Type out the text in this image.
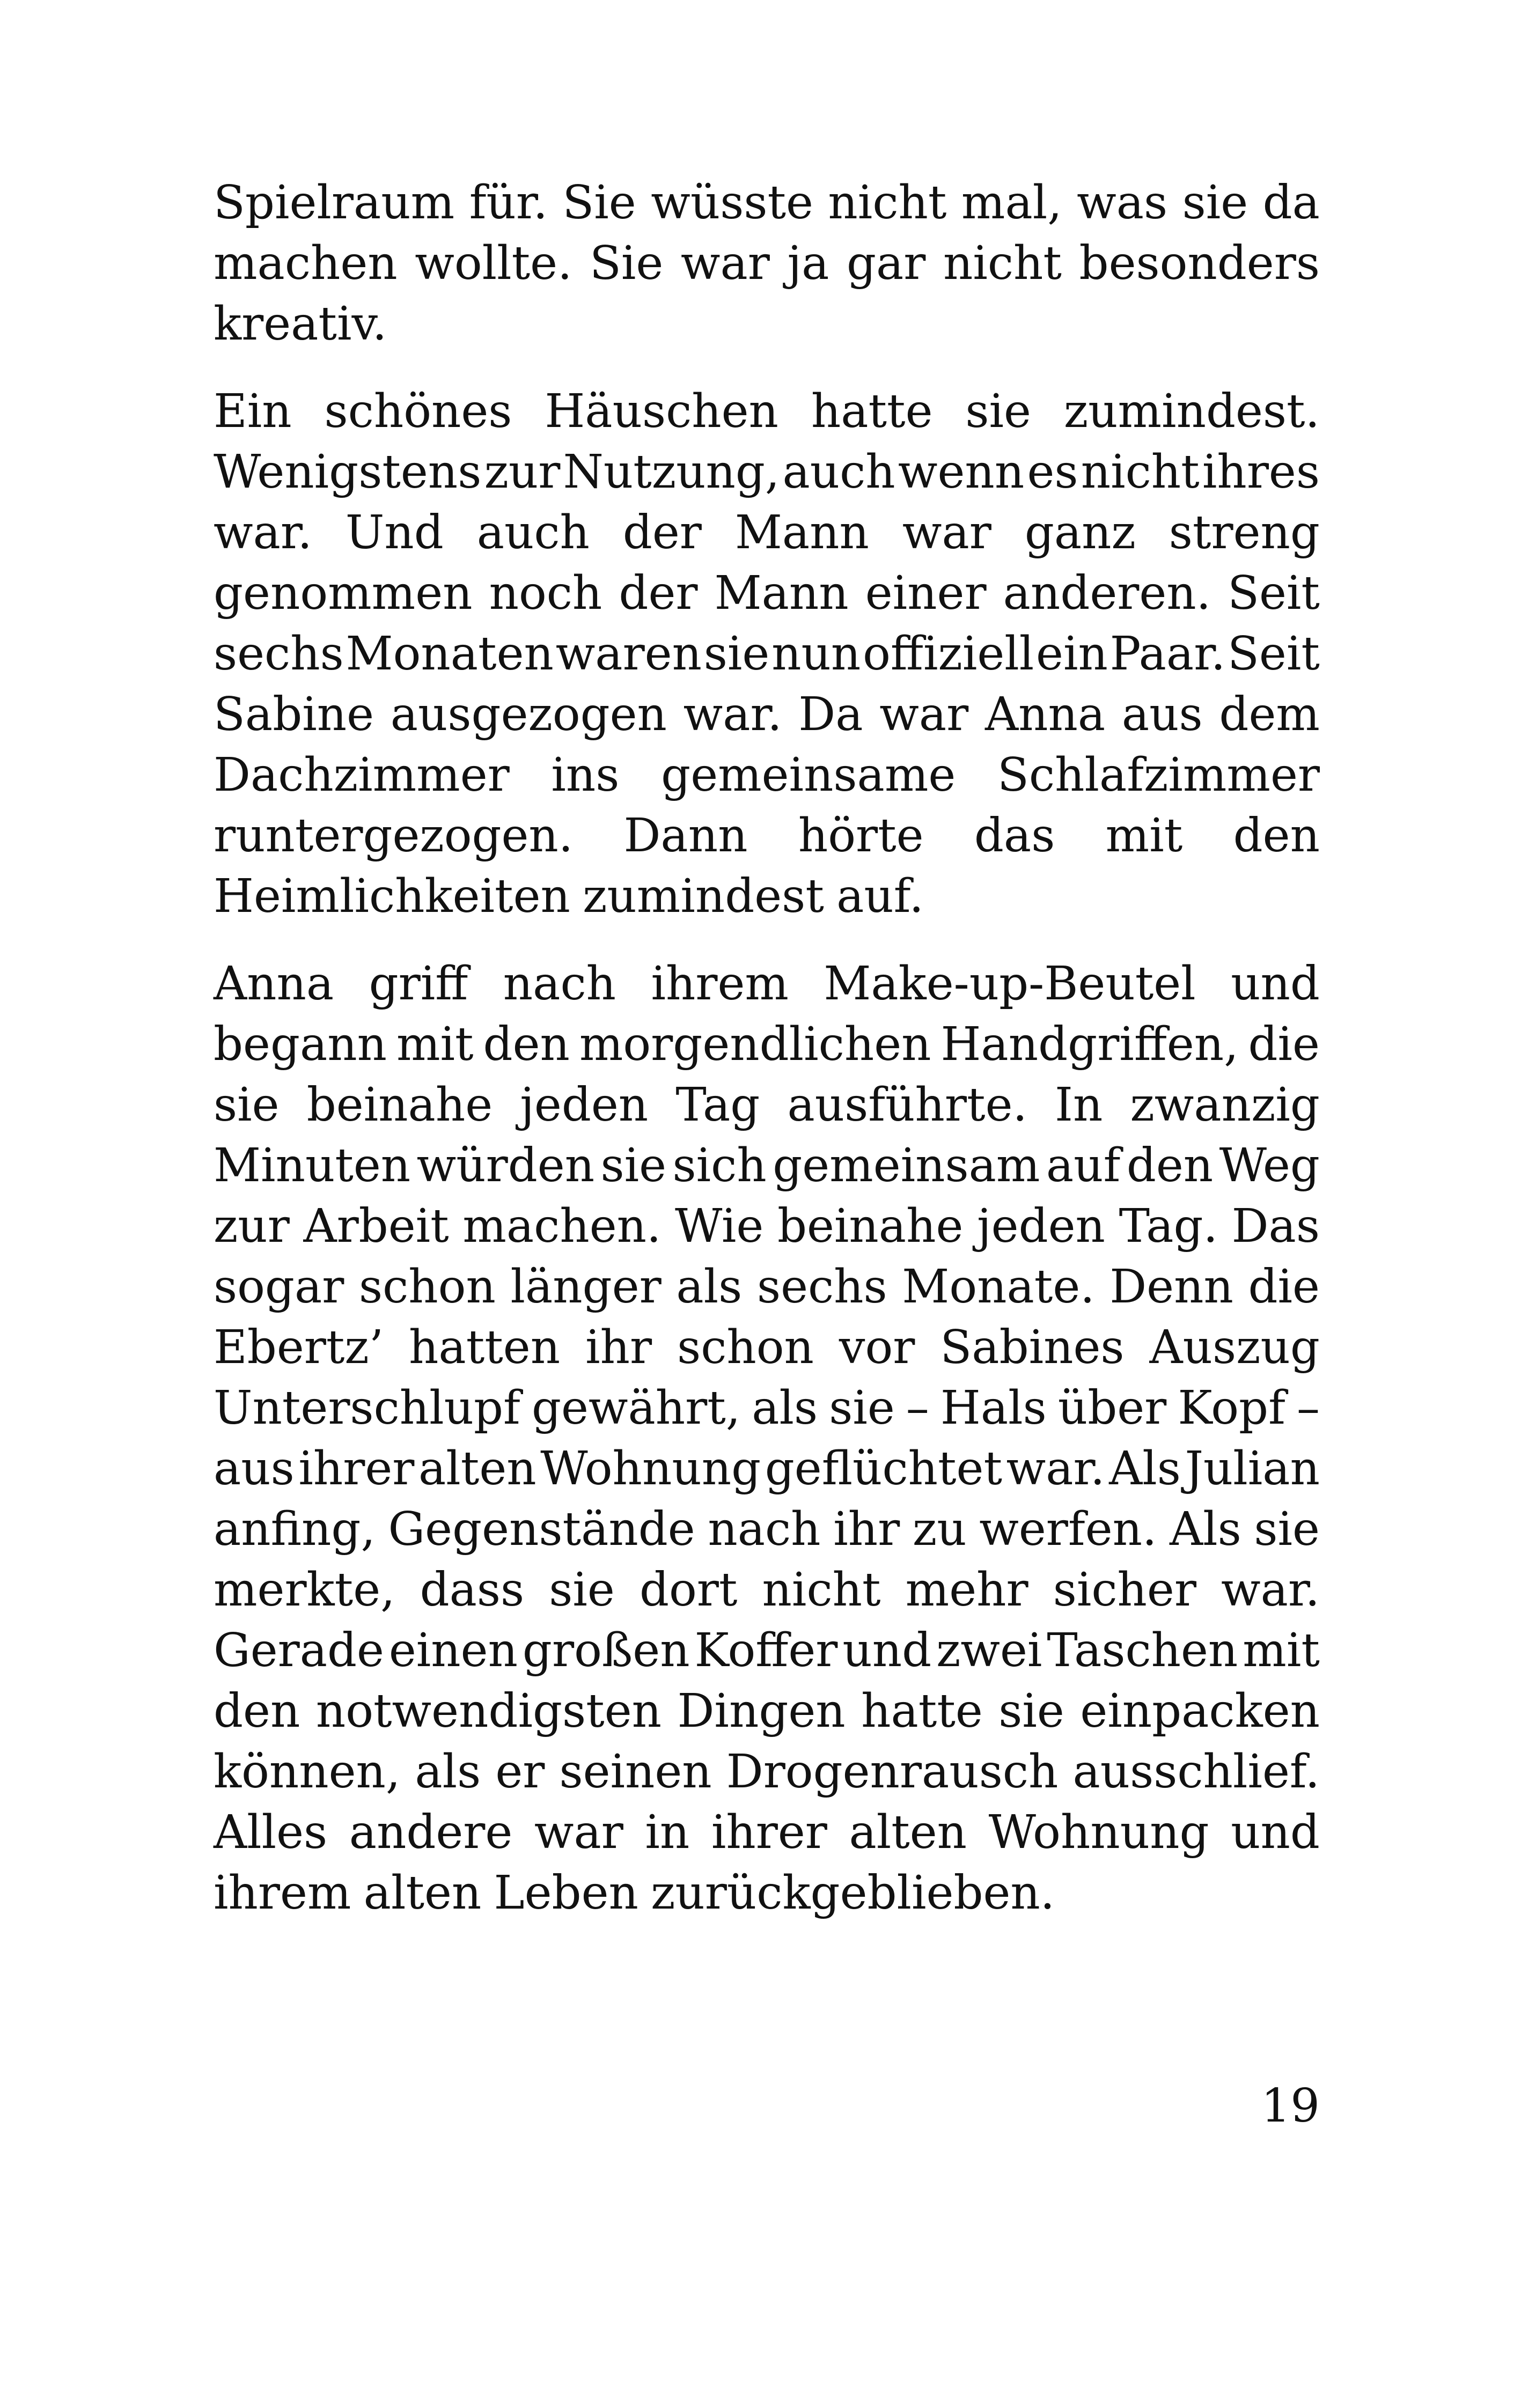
Spielraum für. Sie wüsste nicht mal, was sie da
machen wollte. Sie war ja gar nicht besonders
kreativ.
Ein schönes Häuschen hatte sie zumindest.
Wenigstens zur Nutzung, auch wenn es nicht ihres
war. Und auch der Mann war ganz streng
genommen noch der Mann einer anderen. Seit
sechs Monaten waren sie nun offiziell ein Paar. Seit
Sabine ausgezogen war. Da war Anna aus dem
Dachzimmer ins gemeinsame Schlafzimmer
runtergezogen. Dann hörte das mit den
Heimlichkeiten zumindest auf.
Anna griff nach ihrem Make-up-Beutel und
begann mit den morgendlichen Handgriffen, die
sie beinahe jeden Tag ausführte. In zwanzig
Minuten würden sie sich gemeinsam auf den Weg
zur Arbeit machen. Wie beinahe jeden Tag. Das
sogar schon länger als sechs Monate. Denn die
Ebertz’ hatten ihr schon vor Sabines Auszug
Unterschlupf gewährt, als sie – Hals über Kopf –
aus ihrer alten Wohnung geflüchtet war. Als Julian
anfing, Gegenstände nach ihr zu werfen. Als sie
merkte, dass sie dort nicht mehr sicher war.
Gerade einen großen Koffer und zwei Taschen mit
den notwendigsten Dingen hatte sie einpacken
können, als er seinen Drogenrausch ausschlief.
Alles andere war in ihrer alten Wohnung und
ihrem alten Leben zurückgeblieben.
19
